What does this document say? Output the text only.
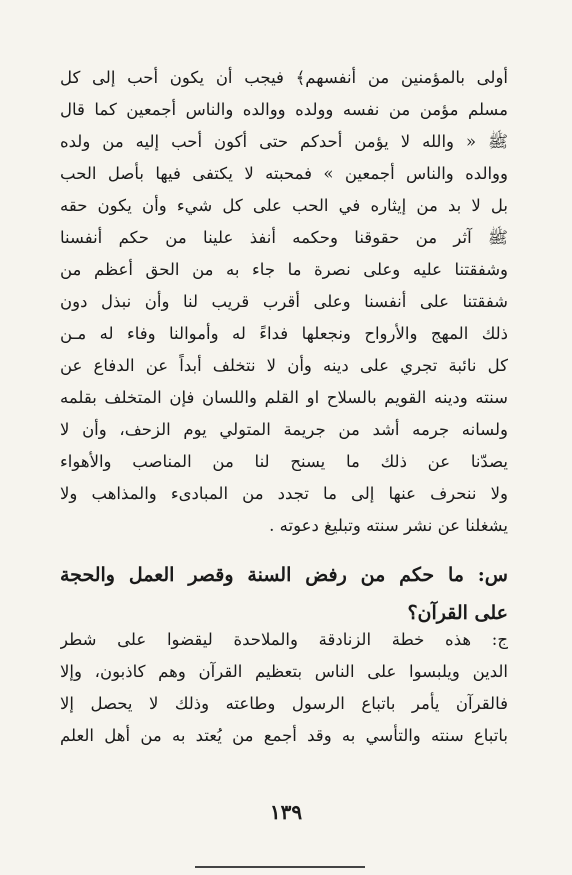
أولى بالمؤمنين من أنفسهم﴾ فيجب أن يكون أحب إلى كل
مسلم مؤمن من نفسه وولده ووالده والناس أجمعين كما قال
ﷺ « والله لا يؤمن أحدكم حتى أكون أحب إليه من ولده
ووالده والناس أجمعين » فمحبته لا يكتفى فيها بأصل الحب
بل لا بد من إيثاره في الحب على كل شيء وأن يكون حقه
ﷺ آثر من حقوقنا وحكمه أنفذ علينا من حكم أنفسنا
وشفقتنا عليه وعلى نصرة ما جاء به من الحق أعظم من
شفقتنا على أنفسنا وعلى أقرب قريب لنا وأن نبذل دون
ذلك المهج والأرواح ونجعلها فداءً له وأموالنا وفاء له مـن
كل نائبة تجري على دينه وأن لا نتخلف أبداً عن الدفاع عن
سنته ودينه القويم بالسلاح او القلم واللسان فإن المتخلف بقلمه
ولسانه جرمه أشد من جريمة المتولي يوم الزحف، وأن لا
يصدّنا عن ذلك ما يسنح لنا من المناصب والأهواء
ولا ننحرف عنها إلى ما تجدد من المبادىء والمذاهب ولا
يشغلنا عن نشر سنته وتبليغ دعوته .
س: ما حكم من رفض السنة وقصر العمل والحجة
على القرآن؟
ج: هذه خطة الزنادقة والملاحدة ليقضوا على شطر
الدين ويلبسوا على الناس بتعظيم القرآن وهم كاذبون، وإلا
فالقرآن يأمر باتباع الرسول وطاعته وذلك لا يحصل إلا
باتباع سنته والتأسي به وقد أجمع من يُعتد به من أهل العلم
١٣٩
